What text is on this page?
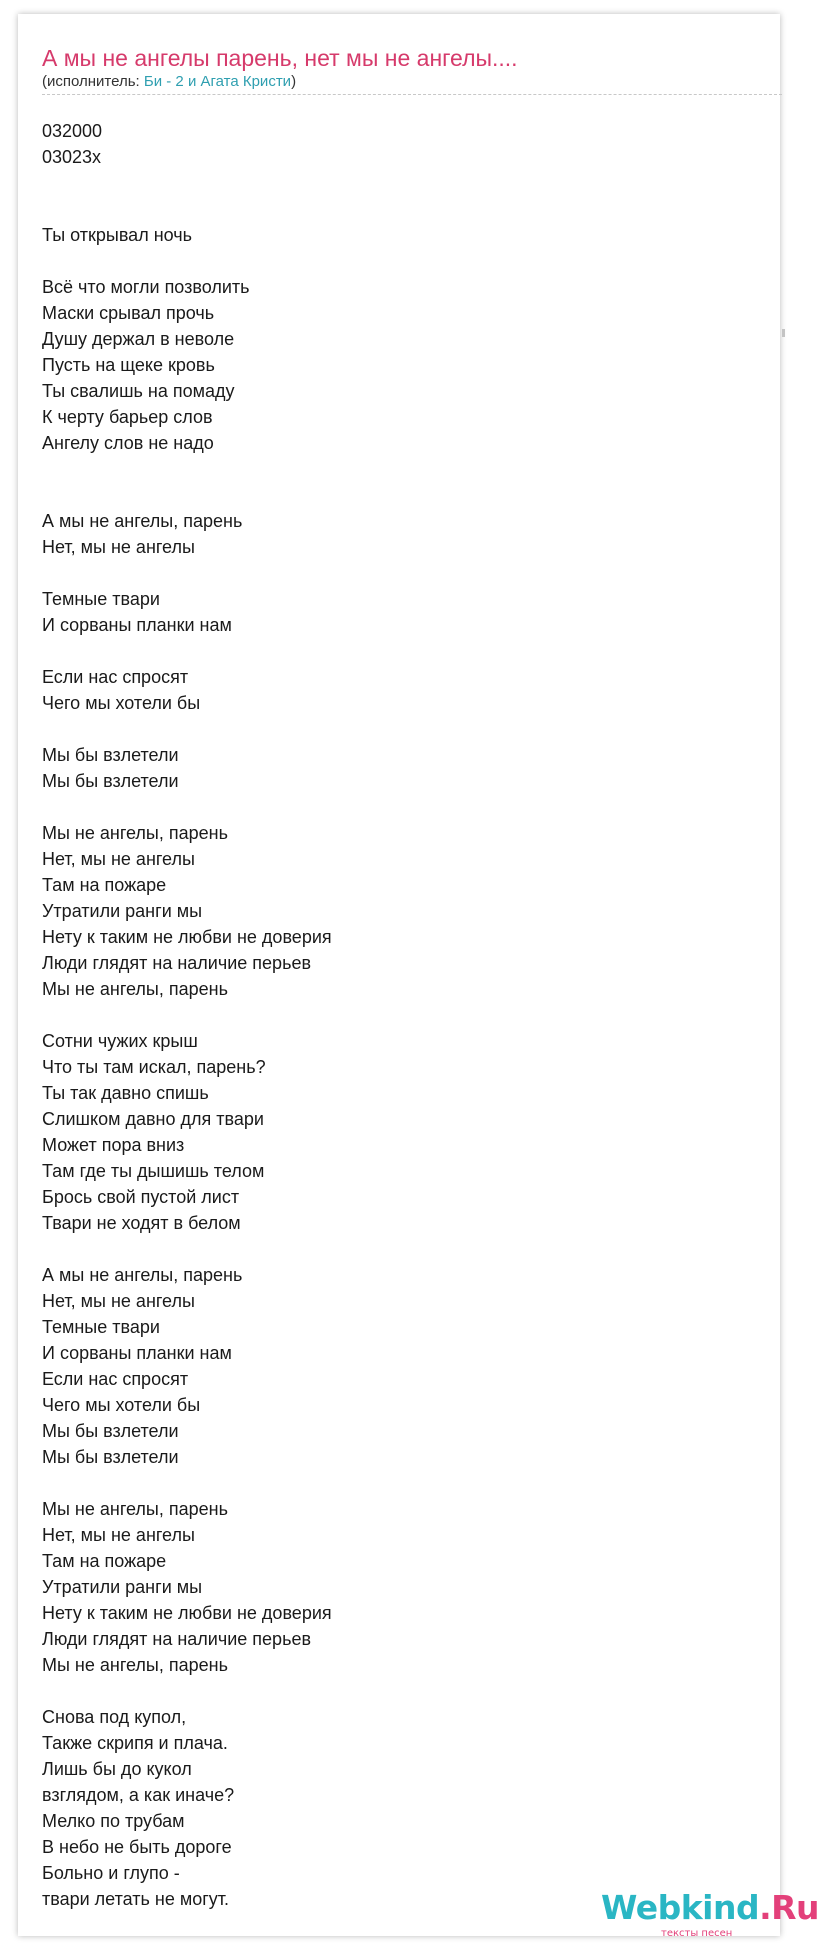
А мы не ангелы парень, нет мы не ангелы....

(исполнитель: Би - 2 и Агата Кристи)

032000
03023x
Ты открывал ночь
Всё что могли позволить
Маски срывал прочь
Душу держал в неволе
Пусть на щеке кровь
Ты свалишь на помаду
К черту барьер слов
Ангелу слов не надо
А мы не ангелы, парень
Нет, мы не ангелы
Темные твари
И сорваны планки нам
Если нас спросят
Чего мы хотели бы
Мы бы взлетели
Мы бы взлетели
Мы не ангелы, парень
Нет, мы не ангелы
Там на пожаре
Утратили ранги мы
Нету к таким не любви не доверия
Люди глядят на наличие перьев
Мы не ангелы, парень
Сотни чужих крыш
Что ты там искал, парень?
Ты так давно спишь
Слишком давно для твари
Может пора вниз
Там где ты дышишь телом
Брось свой пустой лист
Твари не ходят в белом
А мы не ангелы, парень
Нет, мы не ангелы
Темные твари
И сорваны планки нам
Если нас спросят
Чего мы хотели бы
Мы бы взлетели
Мы бы взлетели
Мы не ангелы, парень
Нет, мы не ангелы
Там на пожаре
Утратили ранги мы
Нету к таким не любви не доверия
Люди глядят на наличие перьев
Мы не ангелы, парень
Снова под купол,
Также скрипя и плача.
Лишь бы до кукол
взглядом, а как иначе?
Мелко по трубам
В небо не быть дороге
Больно и глупо -
твари летать не могут.	Webkind.Ru
тексты песен
